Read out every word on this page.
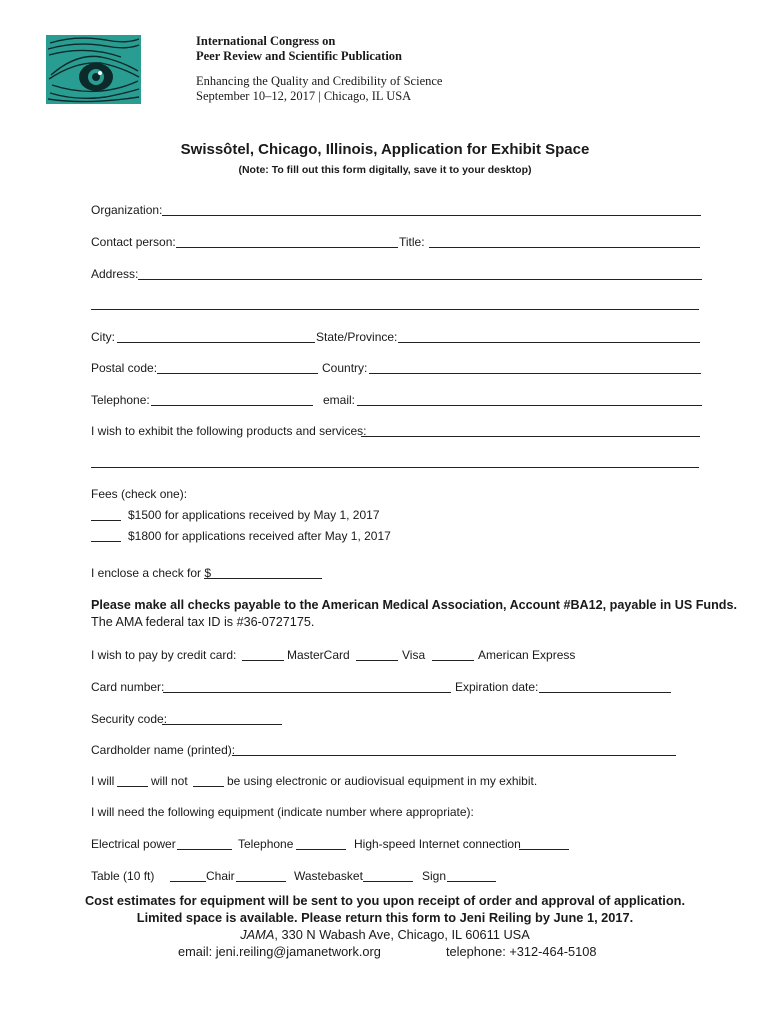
International Congress on
Peer Review and Scientific Publication
Enhancing the Quality and Credibility of Science
September 10–12, 2017 | Chicago, IL USA
Swissôtel, Chicago, Illinois, Application for Exhibit Space
(Note: To fill out this form digitally, save it to your desktop)
Organization:
Contact person:	Title:
Address:
City:	State/Province:
Postal code:	Country:
Telephone:	email:
I wish to exhibit the following products and services:
Fees (check one):
$1500 for applications received by May 1, 2017
$1800 for applications received after May 1, 2017
I enclose a check for $
Please make all checks payable to the American Medical Association, Account #BA12, payable in US Funds.
The AMA federal tax ID is #36-0727175.
I wish to pay by credit card:	MasterCard	Visa	American Express
Card number:	Expiration date:
Security code:
Cardholder name (printed):
I will	will not	be using electronic or audiovisual equipment in my exhibit.
I will need the following equipment (indicate number where appropriate):
Electrical power	Telephone	High-speed Internet connection
Table (10 ft)	Chair	Wastebasket	Sign
Cost estimates for equipment will be sent to you upon receipt of order and approval of application.
Limited space is available. Please return this form to Jeni Reiling by June 1, 2017.
JAMA, 330 N Wabash Ave, Chicago, IL 60611 USA
email: jeni.reiling@jamanetwork.org	telephone: +312-464-5108
